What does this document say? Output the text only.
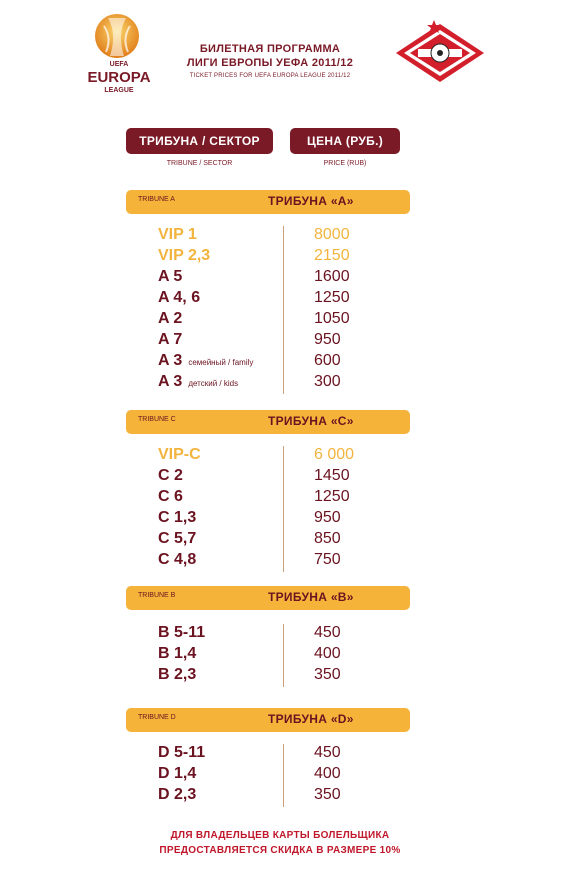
UEFA
EUROPA
LEAGUE
БИЛЕТНАЯ ПРОГРАММА
ЛИГИ ЕВРОПЫ УЕФА 2011/12
TICKET PRICES FOR UEFA EUROPA LEAGUE 2011/12
ТРИБУНА / СЕКТОР	ЦЕНА (РУБ.)
TRIBUNE / SECTOR	PRICE (RUB)
TRIBUNE A	ТРИБУНА «А»
VIP 1	8000
VIP 2,3	2150
A 5	1600
A 4, 6	1250
A 2	1050
A 7	950
A 3 семейный / family	600
A 3 детский / kids	300
TRIBUNE C	ТРИБУНА «С»
VIP-C	6 000
C 2	1450
C 6	1250
C 1,3	950
C 5,7	850
C 4,8	750
TRIBUNE B	ТРИБУНА «В»
B 5-11	450
B 1,4	400
B 2,3	350
TRIBUNE D	ТРИБУНА «D»
D 5-11	450
D 1,4	400
D 2,3	350
ДЛЯ ВЛАДЕЛЬЦЕВ КАРТЫ БОЛЕЛЬЩИКА
ПРЕДОСТАВЛЯЕТСЯ СКИДКА В РАЗМЕРЕ 10%
